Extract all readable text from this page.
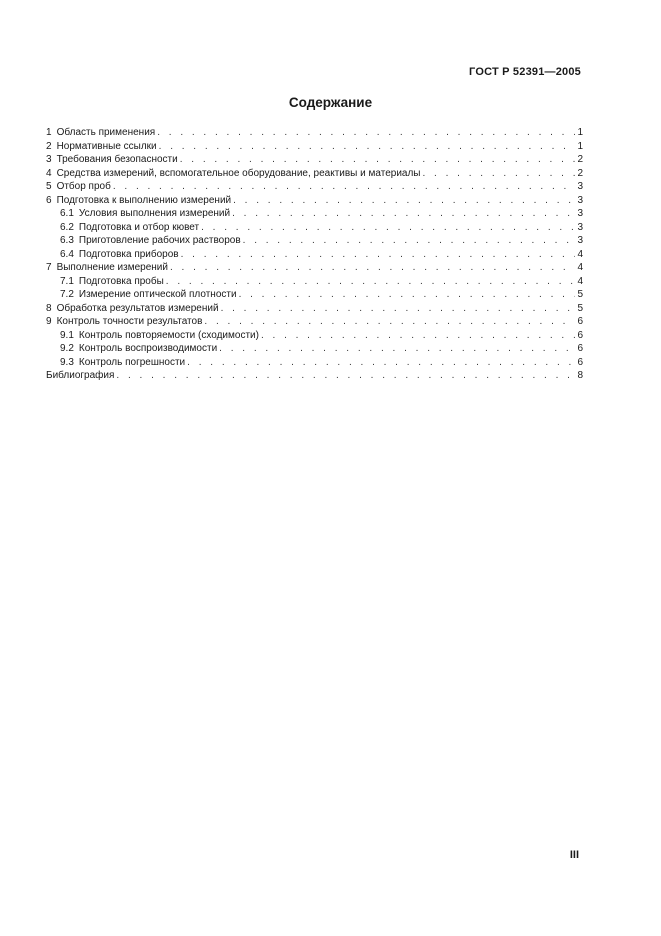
ГОСТ Р 52391—2005
Содержание
1 Область применения . . .	1
2 Нормативные ссылки . . .	1
3 Требования безопасности . . .	2
4 Средства измерений, вспомогательное оборудование, реактивы и материалы . . .	2
5 Отбор проб . . .	3
6 Подготовка к выполнению измерений . . .	3
6.1 Условия выполнения измерений . . .	3
6.2 Подготовка и отбор кювет . . .	3
6.3 Приготовление рабочих растворов . . .	3
6.4 Подготовка приборов . . .	4
7 Выполнение измерений . . .	4
7.1 Подготовка пробы . . .	4
7.2 Измерение оптической плотности . . .	5
8 Обработка результатов измерений . . .	5
9 Контроль точности результатов . . .	6
9.1 Контроль повторяемости (сходимости) . . .	6
9.2 Контроль воспроизводимости . . .	6
9.3 Контроль погрешности . . .	6
Библиография . . .	8
III
